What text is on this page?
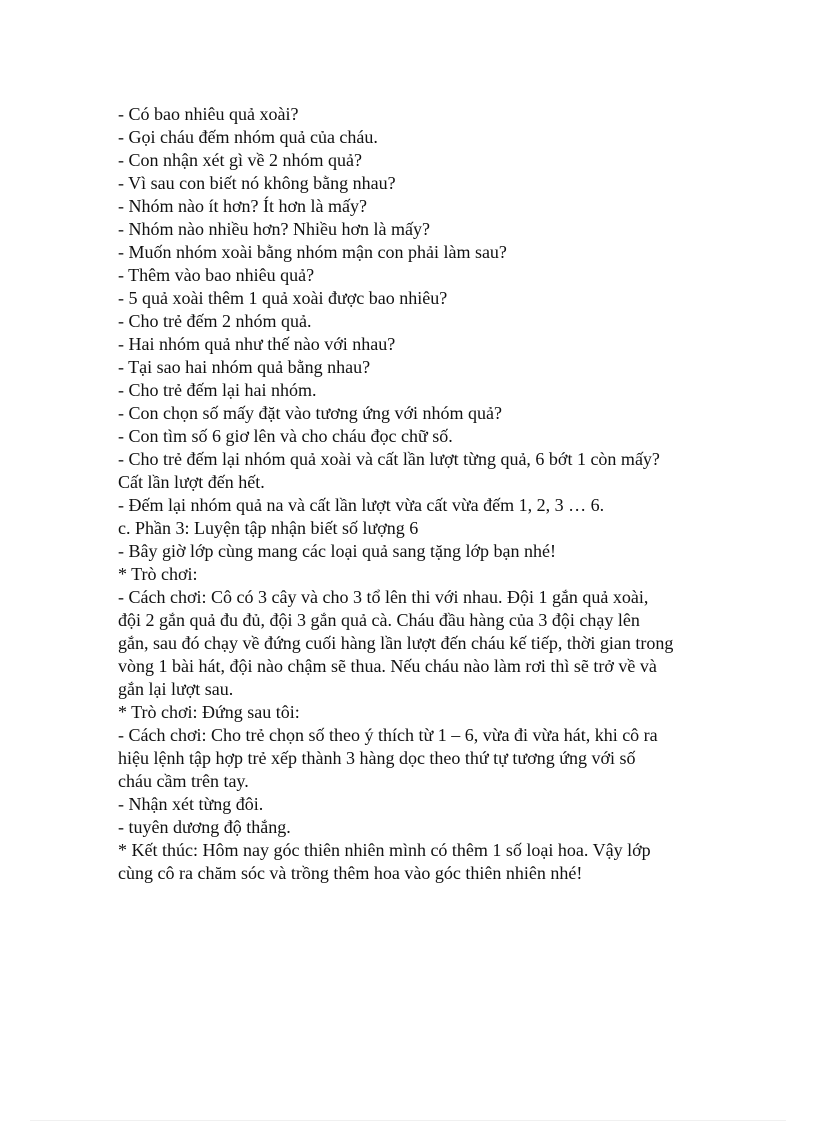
- Có bao nhiêu quả xoài?

- Gọi cháu đếm nhóm quả của cháu.

- Con nhận xét gì về 2 nhóm quả?

- Vì sau con biết nó không bằng nhau?

- Nhóm nào ít hơn? Ít hơn là mấy?

- Nhóm nào nhiều hơn? Nhiều hơn là mấy?

- Muốn nhóm xoài bằng nhóm mận con phải làm sau?

- Thêm vào bao nhiêu quả?

- 5 quả xoài thêm 1 quả xoài được bao nhiêu?

- Cho trẻ đếm 2 nhóm quả.

- Hai nhóm quả như thế nào với nhau?

- Tại sao hai nhóm quả bằng nhau?

- Cho trẻ đếm lại hai nhóm.

- Con chọn số mấy đặt vào tương ứng với nhóm quả?

- Con tìm số 6 giơ lên và cho cháu đọc chữ số.

- Cho trẻ đếm lại nhóm quả xoài và cất lần lượt từng quả, 6 bớt 1 còn mấy?

Cất lần lượt đến hết.

- Đếm lại nhóm quả na và cất lần lượt vừa cất vừa đếm 1, 2, 3 … 6.

c. Phần 3: Luyện tập nhận biết số lượng 6

- Bây giờ lớp cùng mang các loại quả sang tặng lớp bạn nhé!

* Trò chơi:

- Cách chơi: Cô có 3 cây và cho 3 tổ lên thi với nhau. Đội 1 gắn quả xoài,

đội 2 gắn quả đu đủ, đội 3 gắn quả cà. Cháu đầu hàng của 3 đội chạy lên

gắn, sau đó chạy về đứng cuối hàng lần lượt đến cháu kế tiếp, thời gian trong

vòng 1 bài hát, đội nào chậm sẽ thua. Nếu cháu nào làm rơi thì sẽ trở về và

gắn lại lượt sau.

* Trò chơi: Đứng sau tôi:

- Cách chơi: Cho trẻ chọn số theo ý thích từ 1 – 6, vừa đi vừa hát, khi cô ra

hiệu lệnh tập hợp trẻ xếp thành 3 hàng dọc theo thứ tự tương ứng với số

cháu cầm trên tay.

- Nhận xét từng đôi.

- tuyên dương độ thắng.

* Kết thúc: Hôm nay góc thiên nhiên mình có thêm 1 số loại hoa. Vậy lớp

cùng cô ra chăm sóc và trồng thêm hoa vào góc thiên nhiên nhé!
